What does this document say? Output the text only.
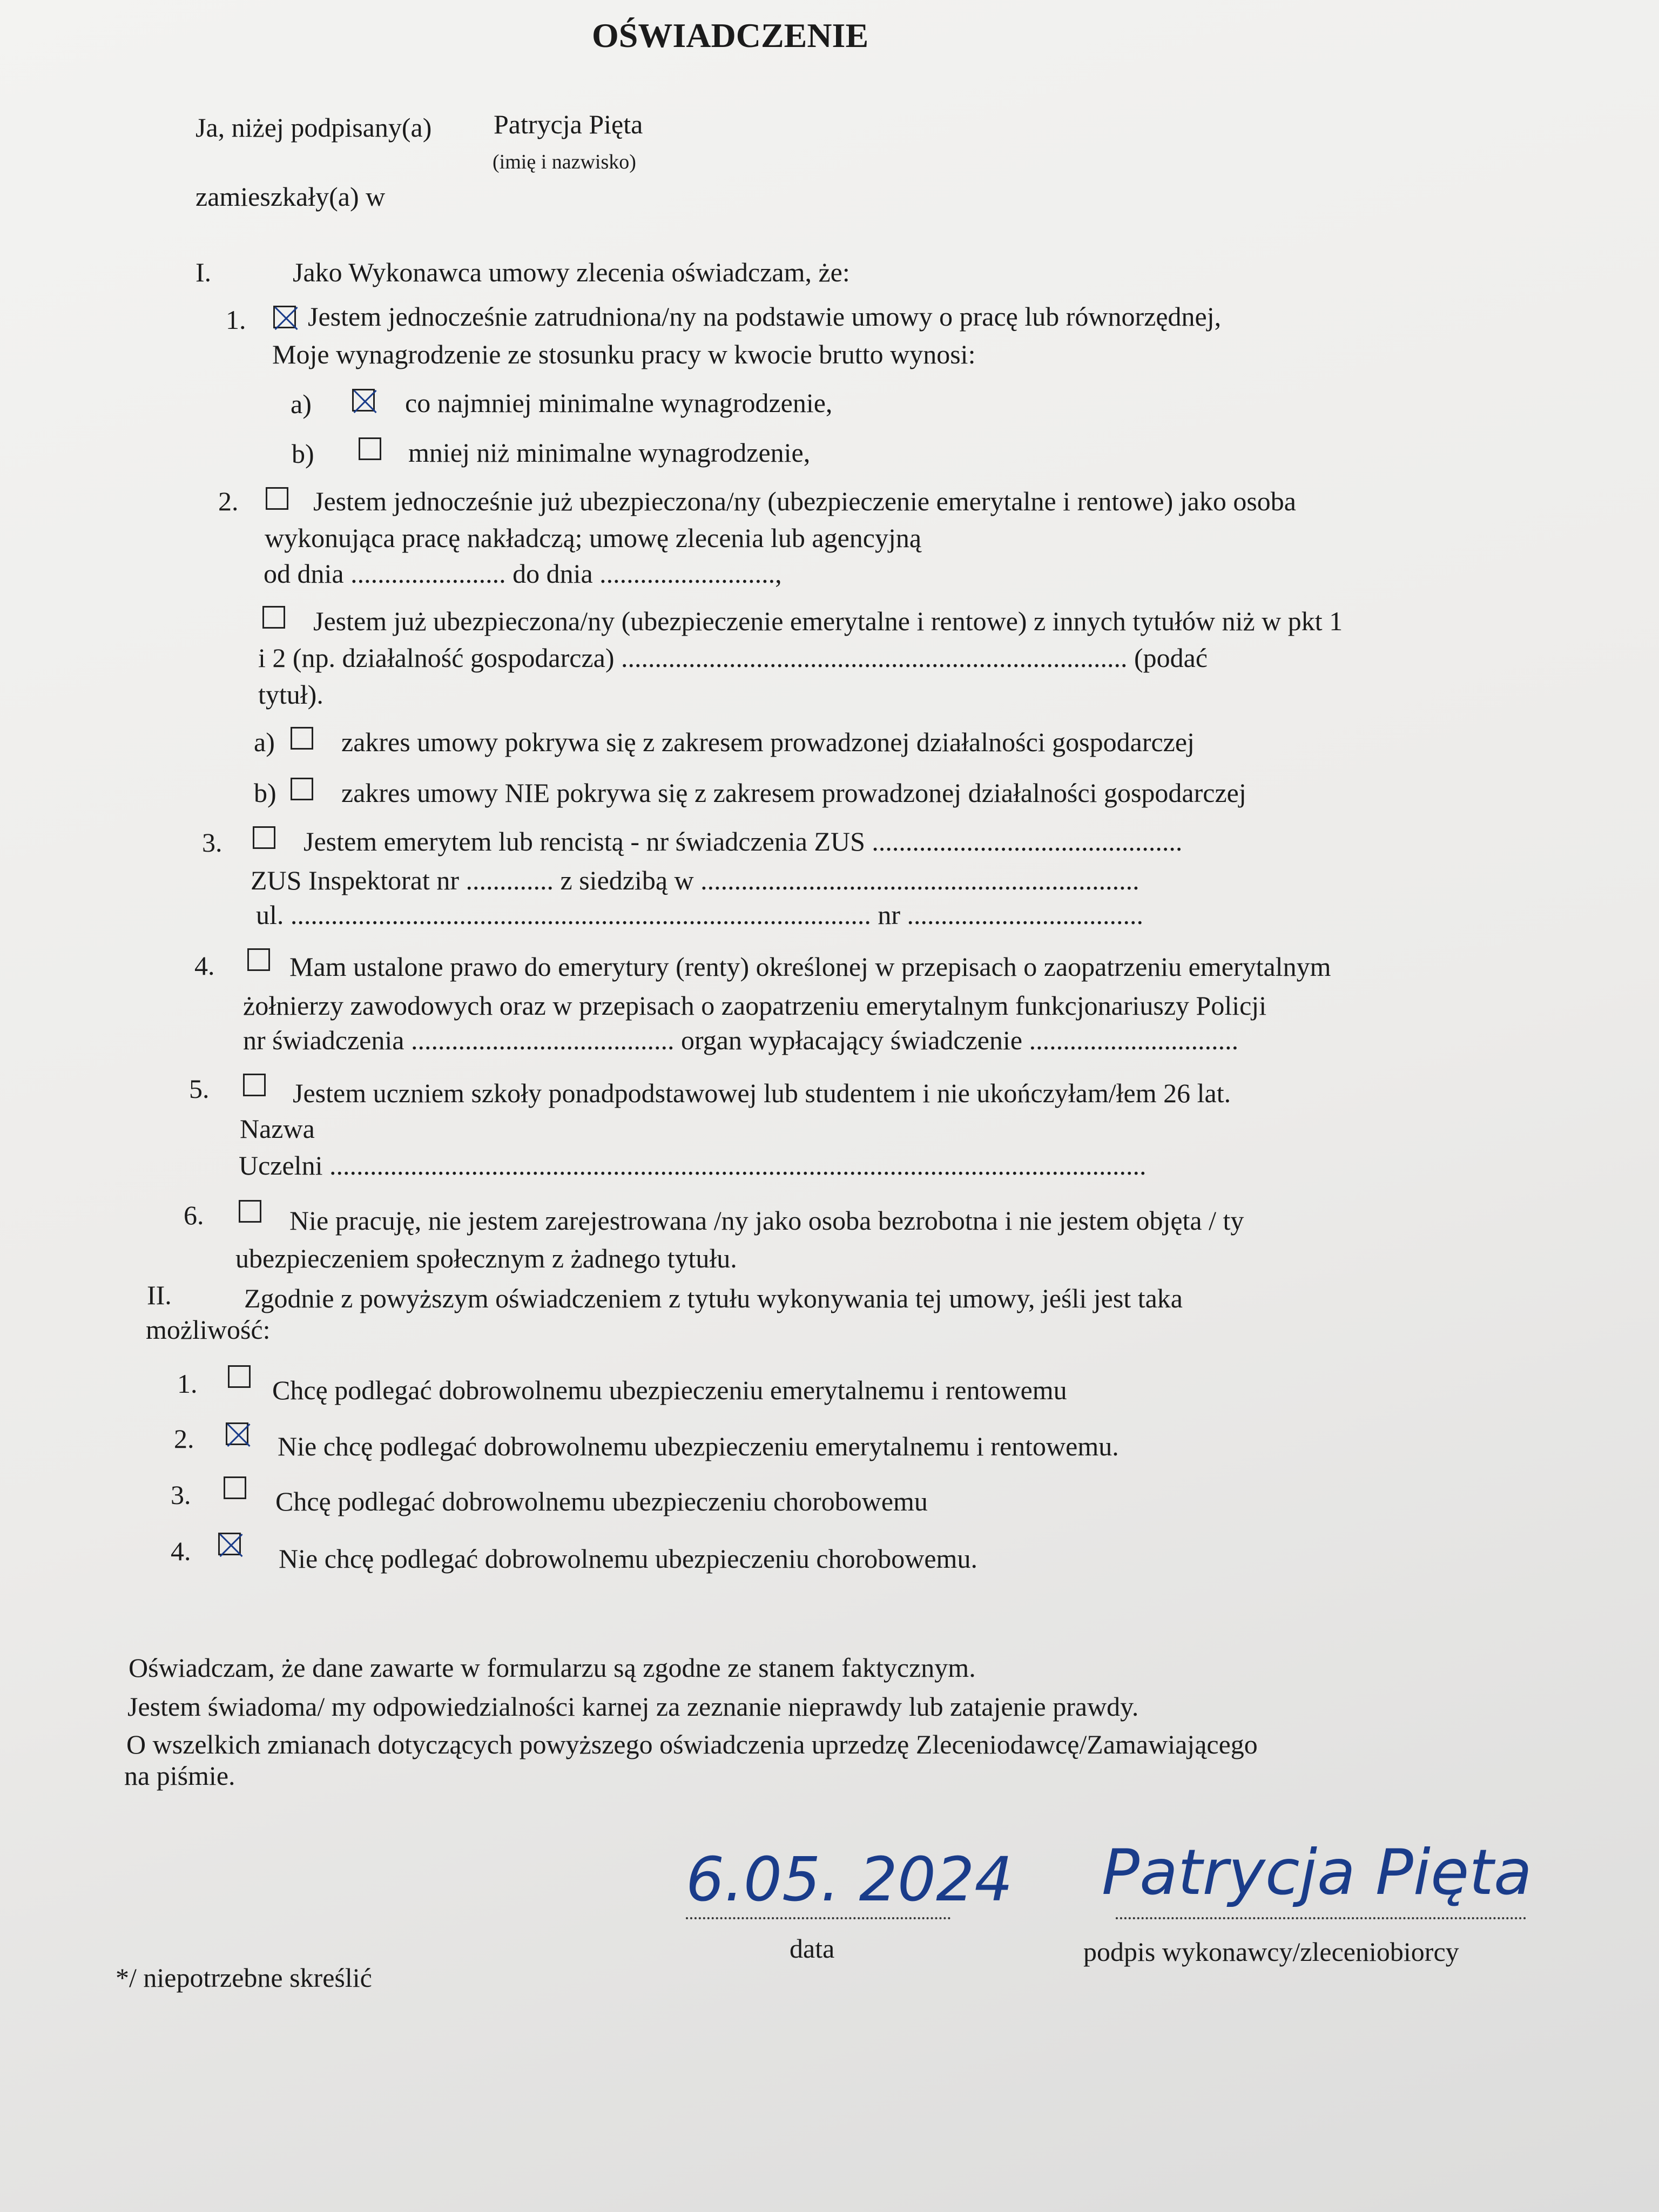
OŚWIADCZENIE
Ja, niżej podpisany(a) Patrycja Pięta
(imię i nazwisko)
zamieszkały(a) w
I.	Jako Wykonawca umowy zlecenia oświadczam, że:
1. Jestem jednocześnie zatrudniona/ny na podstawie umowy o pracę lub równorzędnej,
Moje wynagrodzenie ze stosunku pracy w kwocie brutto wynosi:
a)	co najmniej minimalne wynagrodzenie,
b)	mniej niż minimalne wynagrodzenie,
2.	Jestem jednocześnie już ubezpieczona/ny (ubezpieczenie emerytalne i rentowe) jako osoba
wykonująca pracę nakładczą; umowę zlecenia lub agencyjną
od dnia ....................... do dnia ..........................,
Jestem już ubezpieczona/ny (ubezpieczenie emerytalne i rentowe) z innych tytułów niż w pkt 1
i 2 (np. działalność gospodarcza) ........................................................................... (podać
tytuł).
a) zakres umowy pokrywa się z zakresem prowadzonej działalności gospodarczej
b) zakres umowy NIE pokrywa się z zakresem prowadzonej działalności gospodarczej
3.	Jestem emerytem lub rencistą - nr świadczenia ZUS ..............................................
ZUS Inspektorat nr ............. z siedzibą w .................................................................
ul. ...................................................................................... nr ...................................
4.	Mam ustalone prawo do emerytury (renty) określonej w przepisach o zaopatrzeniu emerytalnym
żołnierzy zawodowych oraz w przepisach o zaopatrzeniu emerytalnym funkcjonariuszy Policji
nr świadczenia ....................................... organ wypłacający świadczenie ...............................
5.	Jestem uczniem szkoły ponadpodstawowej lub studentem i nie ukończyłam/łem 26 lat.
Nazwa
Uczelni .........................................................................................................................
6.	Nie pracuję, nie jestem zarejestrowana /ny jako osoba bezrobotna i nie jestem objęta / ty
ubezpieczeniem społecznym z żadnego tytułu.
II.	Zgodnie z powyższym oświadczeniem z tytułu wykonywania tej umowy, jeśli jest taka
możliwość:
1.	Chcę podlegać dobrowolnemu ubezpieczeniu emerytalnemu i rentowemu
2.	Nie chcę podlegać dobrowolnemu ubezpieczeniu emerytalnemu i rentowemu.
3.	Chcę podlegać dobrowolnemu ubezpieczeniu chorobowemu
4.	Nie chcę podlegać dobrowolnemu ubezpieczeniu chorobowemu.
Oświadczam, że dane zawarte w formularzu są zgodne ze stanem faktycznym.
Jestem świadoma/ my odpowiedzialności karnej za zeznanie nieprawdy lub zatajenie prawdy.
O wszelkich zmianach dotyczących powyższego oświadczenia uprzedzę Zleceniodawcę/Zamawiającego
na piśmie.
6.05. 2024
data
Patrycja Pięta
podpis wykonawcy/zleceniobiorcy
*/ niepotrzebne skreślić
